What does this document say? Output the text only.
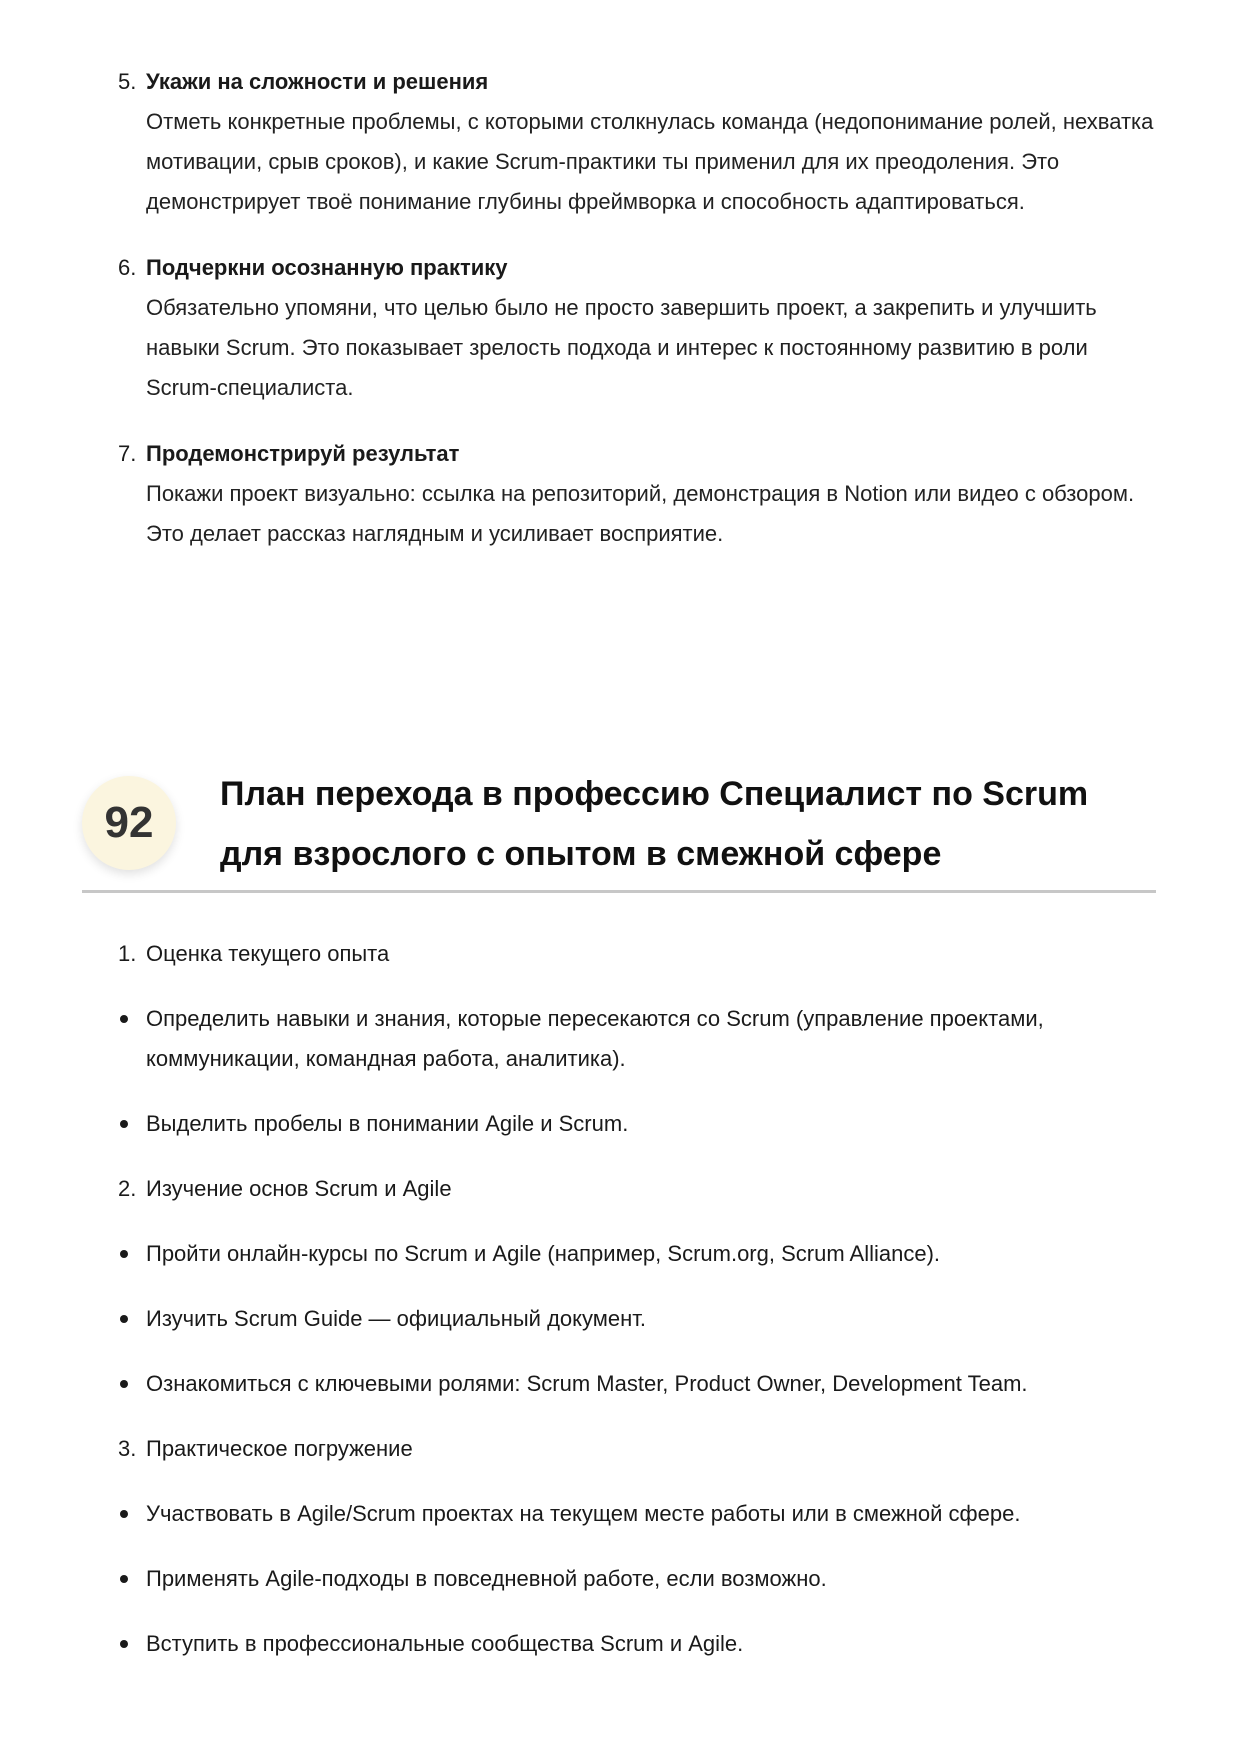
5. Укажи на сложности и решения
Отметь конкретные проблемы, с которыми столкнулась команда (недопонимание ролей, нехватка мотивации, срыв сроков), и какие Scrum-практики ты применил для их преодоления. Это демонстрирует твоё понимание глубины фреймворка и способность адаптироваться.
6. Подчеркни осознанную практику
Обязательно упомяни, что целью было не просто завершить проект, а закрепить и улучшить навыки Scrum. Это показывает зрелость подхода и интерес к постоянному развитию в роли Scrum-специалиста.
7. Продемонстрируй результат
Покажи проект визуально: ссылка на репозиторий, демонстрация в Notion или видео с обзором. Это делает рассказ наглядным и усиливает восприятие.
92
План перехода в профессию Специалист по Scrum
для взрослого с опытом в смежной сфере
1. Оценка текущего опыта
Определить навыки и знания, которые пересекаются со Scrum (управление проектами, коммуникации, командная работа, аналитика).
Выделить пробелы в понимании Agile и Scrum.
2. Изучение основ Scrum и Agile
Пройти онлайн-курсы по Scrum и Agile (например, Scrum.org, Scrum Alliance).
Изучить Scrum Guide — официальный документ.
Ознакомиться с ключевыми ролями: Scrum Master, Product Owner, Development Team.
3. Практическое погружение
Участвовать в Agile/Scrum проектах на текущем месте работы или в смежной сфере.
Применять Agile-подходы в повседневной работе, если возможно.
Вступить в профессиональные сообщества Scrum и Agile.
